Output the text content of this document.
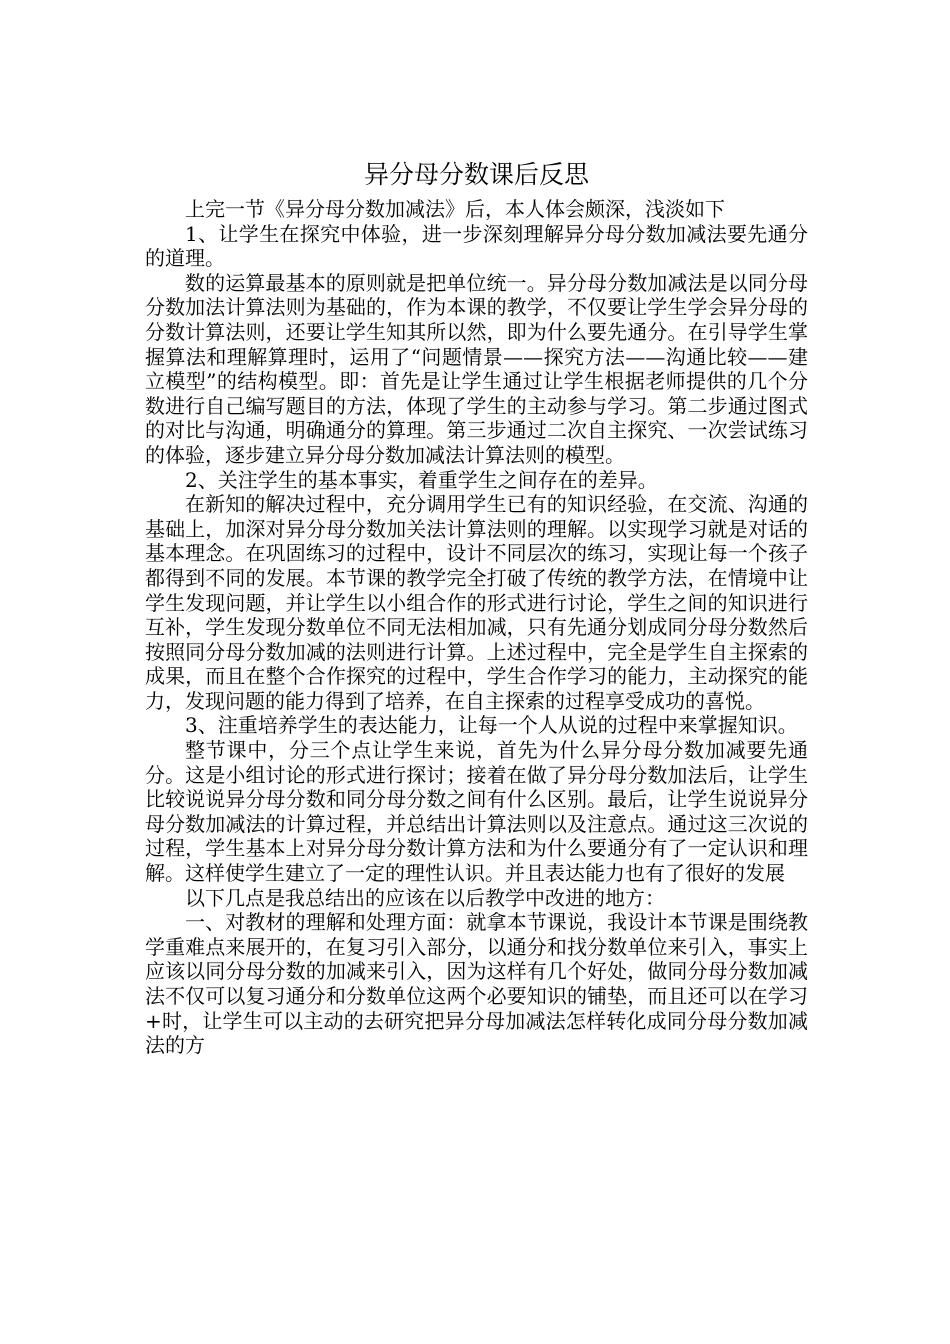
异分母分数课后反思

上完一节《异分母分数加减法》后，本人体会颇深，浅淡如下

1、让学生在探究中体验，进一步深刻理解异分母分数加减法要先通分的道理。

数的运算最基本的原则就是把单位统一。异分母分数加减法是以同分母分数加法计算法则为基础的，作为本课的教学，不仅要让学生学会异分母的分数计算法则，还要让学生知其所以然，即为什么要先通分。在引导学生掌握算法和理解算理时，运用了“问题情景——探究方法——沟通比较——建立模型”的结构模型。即：首先是让学生通过让学生根据老师提供的几个分数进行自己编写题目的方法，体现了学生的主动参与学习。第二步通过图式的对比与沟通，明确通分的算理。第三步通过二次自主探究、一次尝试练习的体验，逐步建立异分母分数加减法计算法则的模型。

2、关注学生的基本事实，着重学生之间存在的差异。

在新知的解决过程中，充分调用学生已有的知识经验，在交流、沟通的基础上，加深对异分母分数加关法计算法则的理解。以实现学习就是对话的基本理念。在巩固练习的过程中，设计不同层次的练习，实现让每一个孩子都得到不同的发展。本节课的教学完全打破了传统的教学方法，在情境中让学生发现问题，并让学生以小组合作的形式进行讨论，学生之间的知识进行互补，学生发现分数单位不同无法相加减，只有先通分划成同分母分数然后按照同分母分数加减的法则进行计算。上述过程中，完全是学生自主探索的成果，而且在整个合作探究的过程中，学生合作学习的能力，主动探究的能力，发现问题的能力得到了培养，在自主探索的过程享受成功的喜悦。

3、注重培养学生的表达能力，让每一个人从说的过程中来掌握知识。

整节课中，分三个点让学生来说，首先为什么异分母分数加减要先通分。这是小组讨论的形式进行探讨；接着在做了异分母分数加法后，让学生比较说说异分母分数和同分母分数之间有什么区别。最后，让学生说说异分母分数加减法的计算过程，并总结出计算法则以及注意点。通过这三次说的过程，学生基本上对异分母分数计算方法和为什么要通分有了一定认识和理解。这样使学生建立了一定的理性认识。并且表达能力也有了很好的发展

以下几点是我总结出的应该在以后教学中改进的地方：

一、对教材的理解和处理方面：就拿本节课说，我设计本节课是围绕教学重难点来展开的，在复习引入部分，以通分和找分数单位来引入，事实上应该以同分母分数的加减来引入，因为这样有几个好处，做同分母分数加减法不仅可以复习通分和分数单位这两个必要知识的铺垫，而且还可以在学习+时，让学生可以主动的去研究把异分母加减法怎样转化成同分母分数加减法的方
